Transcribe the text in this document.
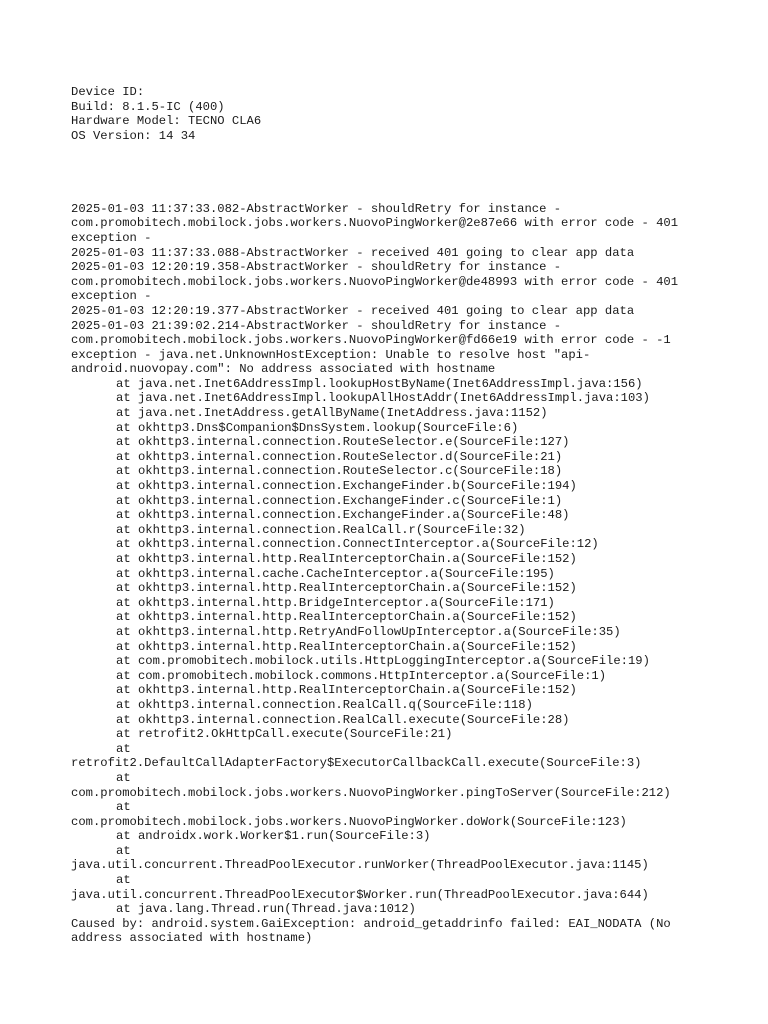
Device ID:
Build: 8.1.5-IC (400)
Hardware Model: TECNO CLA6
OS Version: 14 34
2025-01-03 11:37:33.082-AbstractWorker - shouldRetry for instance -
com.promobitech.mobilock.jobs.workers.NuovoPingWorker@2e87e66 with error code - 401
exception -
2025-01-03 11:37:33.088-AbstractWorker - received 401 going to clear app data
2025-01-03 12:20:19.358-AbstractWorker - shouldRetry for instance -
com.promobitech.mobilock.jobs.workers.NuovoPingWorker@de48993 with error code - 401
exception -
2025-01-03 12:20:19.377-AbstractWorker - received 401 going to clear app data
2025-01-03 21:39:02.214-AbstractWorker - shouldRetry for instance -
com.promobitech.mobilock.jobs.workers.NuovoPingWorker@fd66e19 with error code - -1
exception - java.net.UnknownHostException: Unable to resolve host "api-
android.nuovopay.com": No address associated with hostname
at java.net.Inet6AddressImpl.lookupHostByName(Inet6AddressImpl.java:156)
at java.net.Inet6AddressImpl.lookupAllHostAddr(Inet6AddressImpl.java:103)
at java.net.InetAddress.getAllByName(InetAddress.java:1152)
at okhttp3.Dns$Companion$DnsSystem.lookup(SourceFile:6)
at okhttp3.internal.connection.RouteSelector.e(SourceFile:127)
at okhttp3.internal.connection.RouteSelector.d(SourceFile:21)
at okhttp3.internal.connection.RouteSelector.c(SourceFile:18)
at okhttp3.internal.connection.ExchangeFinder.b(SourceFile:194)
at okhttp3.internal.connection.ExchangeFinder.c(SourceFile:1)
at okhttp3.internal.connection.ExchangeFinder.a(SourceFile:48)
at okhttp3.internal.connection.RealCall.r(SourceFile:32)
at okhttp3.internal.connection.ConnectInterceptor.a(SourceFile:12)
at okhttp3.internal.http.RealInterceptorChain.a(SourceFile:152)
at okhttp3.internal.cache.CacheInterceptor.a(SourceFile:195)
at okhttp3.internal.http.RealInterceptorChain.a(SourceFile:152)
at okhttp3.internal.http.BridgeInterceptor.a(SourceFile:171)
at okhttp3.internal.http.RealInterceptorChain.a(SourceFile:152)
at okhttp3.internal.http.RetryAndFollowUpInterceptor.a(SourceFile:35)
at okhttp3.internal.http.RealInterceptorChain.a(SourceFile:152)
at com.promobitech.mobilock.utils.HttpLoggingInterceptor.a(SourceFile:19)
at com.promobitech.mobilock.commons.HttpInterceptor.a(SourceFile:1)
at okhttp3.internal.http.RealInterceptorChain.a(SourceFile:152)
at okhttp3.internal.connection.RealCall.q(SourceFile:118)
at okhttp3.internal.connection.RealCall.execute(SourceFile:28)
at retrofit2.OkHttpCall.execute(SourceFile:21)
at
retrofit2.DefaultCallAdapterFactory$ExecutorCallbackCall.execute(SourceFile:3)
at
com.promobitech.mobilock.jobs.workers.NuovoPingWorker.pingToServer(SourceFile:212)
at
com.promobitech.mobilock.jobs.workers.NuovoPingWorker.doWork(SourceFile:123)
at androidx.work.Worker$1.run(SourceFile:3)
at
java.util.concurrent.ThreadPoolExecutor.runWorker(ThreadPoolExecutor.java:1145)
at
java.util.concurrent.ThreadPoolExecutor$Worker.run(ThreadPoolExecutor.java:644)
at java.lang.Thread.run(Thread.java:1012)
Caused by: android.system.GaiException: android_getaddrinfo failed: EAI_NODATA (No
address associated with hostname)
